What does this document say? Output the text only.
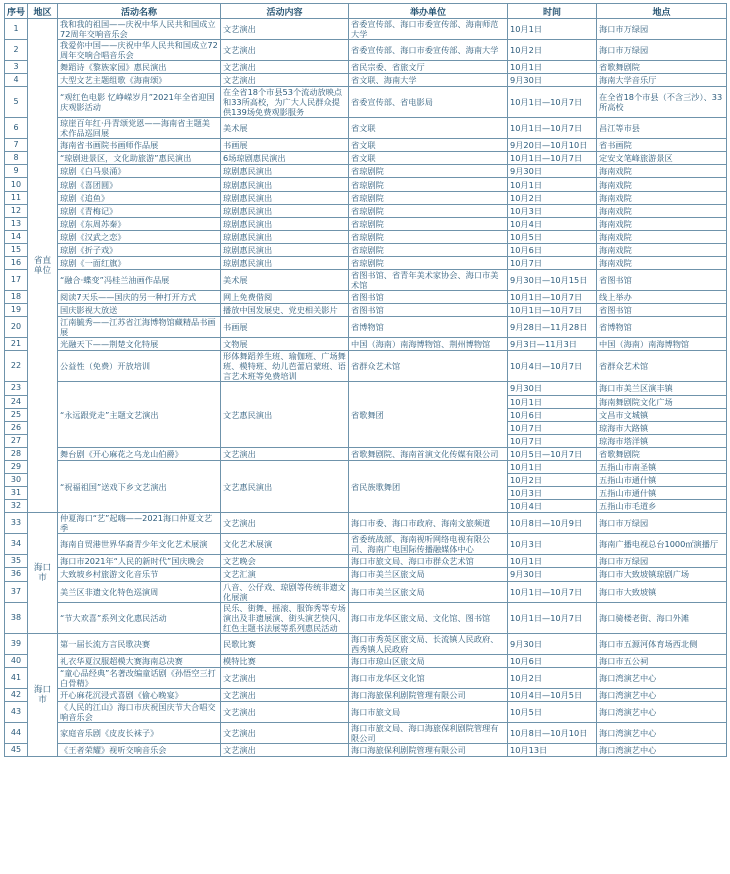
序号	地区	活动名称	活动内容	举办单位	时间	地点
1	省直单位	我和我的祖国——庆祝中华人民共和国成立72周年交响音乐会	文艺演出	省委宣传部、海口市委宣传部、海南师范大学	10月1日	海口市万绿园
2		我爱你中国——庆祝中华人民共和国成立72周年交响合唱音乐会	文艺演出	省委宣传部、海口市委宣传部、海南大学	10月2日	海口市万绿园
3		舞蹈诗《黎族家园》惠民演出	文艺演出	省民宗委、省旅文厅	10月1日	省歌舞剧院
4		大型文艺主题组歌《海南颂》	文艺演出	省文联、海南大学	9月30日	海南大学音乐厅
5		“观红色电影 忆峥嵘岁月”2021年全省迎国庆观影活动	在全省18个市县53个流动放映点和33所高校，为广大人民群众提供139场免费观影服务	省委宣传部、省电影局	10月1日—10月7日	在全省18个市县（不含三沙）、33所高校
6		琼崖百年红·丹青颂党恩——海南省主题美术作品巡回展	美术展	省文联	10月1日—10月7日	昌江等市县
7		海南省书画院书画师作品展	书画展	省文联	9月20日—10月10日	省书画院
8		“琼剧进景区，文化助旅游”惠民演出	6场琼剧惠民演出	省文联	10月1日—10月7日	定安文笔峰旅游景区
9		琼剧《白马泉涌》	琼剧惠民演出	省琼剧院	9月30日	海南戏院
10		琼剧《喜团圆》	琼剧惠民演出	省琼剧院	10月1日	海南戏院
11		琼剧《追鱼》	琼剧惠民演出	省琼剧院	10月2日	海南戏院
12		琼剧《青梅记》	琼剧惠民演出	省琼剧院	10月3日	海南戏院
13		琼剧《东周苏秦》	琼剧惠民演出	省琼剧院	10月4日	海南戏院
14		琼剧《汉武之恋》	琼剧惠民演出	省琼剧院	10月5日	海南戏院
15		琼剧《折子戏》	琼剧惠民演出	省琼剧院	10月6日	海南戏院
16		琼剧《一面红旗》	琼剧惠民演出	省琼剧院	10月7日	海南戏院
17		“融合·蝶变”冯桂兰油画作品展	美术展	省图书馆、省青年美术家协会、海口市美术馆	9月30日—10月15日	省图书馆
18		阅读7天乐——国庆的另一种打开方式	网上免费借阅	省图书馆	10月1日—10月7日	线上举办
19		国庆影视大放送	播放中国发展史、党史相关影片	省图书馆	10月1日—10月7日	省图书馆
20		江南毓秀——江苏省江海博物馆藏精品书画展	书画展	省博物馆	9月28日—11月28日	省博物馆
21		光融天下——荆楚文化特展	文物展	中国（海南）南海博物馆、荆州博物馆	9月3日—11月3日	中国（海南）南海博物馆
22		公益性（免费）开放培训	形体舞蹈养生班、瑜伽班、广场舞班、模特班、幼儿芭蕾启蒙班、语言艺术班等免费培训	省群众艺术馆	10月4日—10月7日	省群众艺术馆
23		“永远跟党走”主题文艺演出	文艺惠民演出	省歌舞团	9月30日	海口市美兰区演丰镇
24					10月1日	海南舞剧院文化广场
25					10月6日	文昌市文城镇
26					10月7日	琼海市大路镇
27					10月7日	琼海市塔洋镇
28		舞台剧《开心麻花之乌龙山伯爵》	文艺演出	省歌舞剧院、海南首演文化传媒有限公司	10月5日—10月7日	省歌舞剧院
29		“祝福祖国”送戏下乡文艺演出	文艺惠民演出	省民族歌舞团	10月1日	五指山市南圣镇
30					10月2日	五指山市通什镇
31					10月3日	五指山市通什镇
32					10月4日	五指山市毛道乡
33	海口市	仲夏海口“艺”起嗨——2021海口仲夏文艺季	文艺演出	海口市委、海口市政府、海南文旅频道	10月8日—10月9日	海口市万绿园
34		海南自贸港世界华裔青少年文化艺术展演	文化艺术展演	省委统战部、海南视听网络电视有限公司、海南广电国际传播融媒体中心	10月3日	海南广播电视总台1000㎡演播厅
35		海口市2021年“人民的新时代”国庆晚会	文艺晚会	海口市旅文局、海口市群众艺术馆	10月1日	海口市万绿园
36		大致坡乡村旅游文化音乐节	文艺汇演	海口市美兰区旅文局	9月30日	海口市大致坡镇琼剧广场
37		美兰区非遗文化特色巡演周	八音、公仔戏、琼剧等传统非遗文化展演	海口市美兰区旅文局	10月1日—10月7日	海口市大致坡镇
38		“节大欢喜”系列文化惠民活动	民乐、街舞、摇滚、服饰秀等专场演出及非遗展演、街头演艺快闪、红色主题书法展等系列惠民活动	海口市龙华区旅文局、文化馆、图书馆	10月1日—10月7日	海口骑楼老街、海口外滩
39	海口市	第一届长流方言民歌决赛	民歌比赛	海口市秀英区旅文局、长流镇人民政府、西秀镇人民政府	9月30日	海口市五源河体育场西北侧
40		礼衣华夏汉服超模大赛海南总决赛	模特比赛	海口市琼山区旅文局	10月6日	海口市五公祠
41		“童心品经典”名著改编童话剧《孙悟空三打白骨精》	文艺演出	海口市龙华区文化馆	10月2日	海口湾演艺中心
42		开心麻花沉浸式喜剧《偷心晚宴》	文艺演出	海口海旅保利剧院管理有限公司	10月4日—10月5日	海口湾演艺中心
43		《人民的江山》海口市庆祝国庆节大合唱交响音乐会	文艺演出	海口市旅文局	10月5日	海口湾演艺中心
44		家庭音乐剧《皮皮长袜子》	文艺演出	海口市旅文局、海口海旅保利剧院管理有限公司	10月8日—10月10日	海口湾演艺中心
45		《王者荣耀》视听交响音乐会	文艺演出	海口海旅保利剧院管理有限公司	10月13日	海口湾演艺中心
